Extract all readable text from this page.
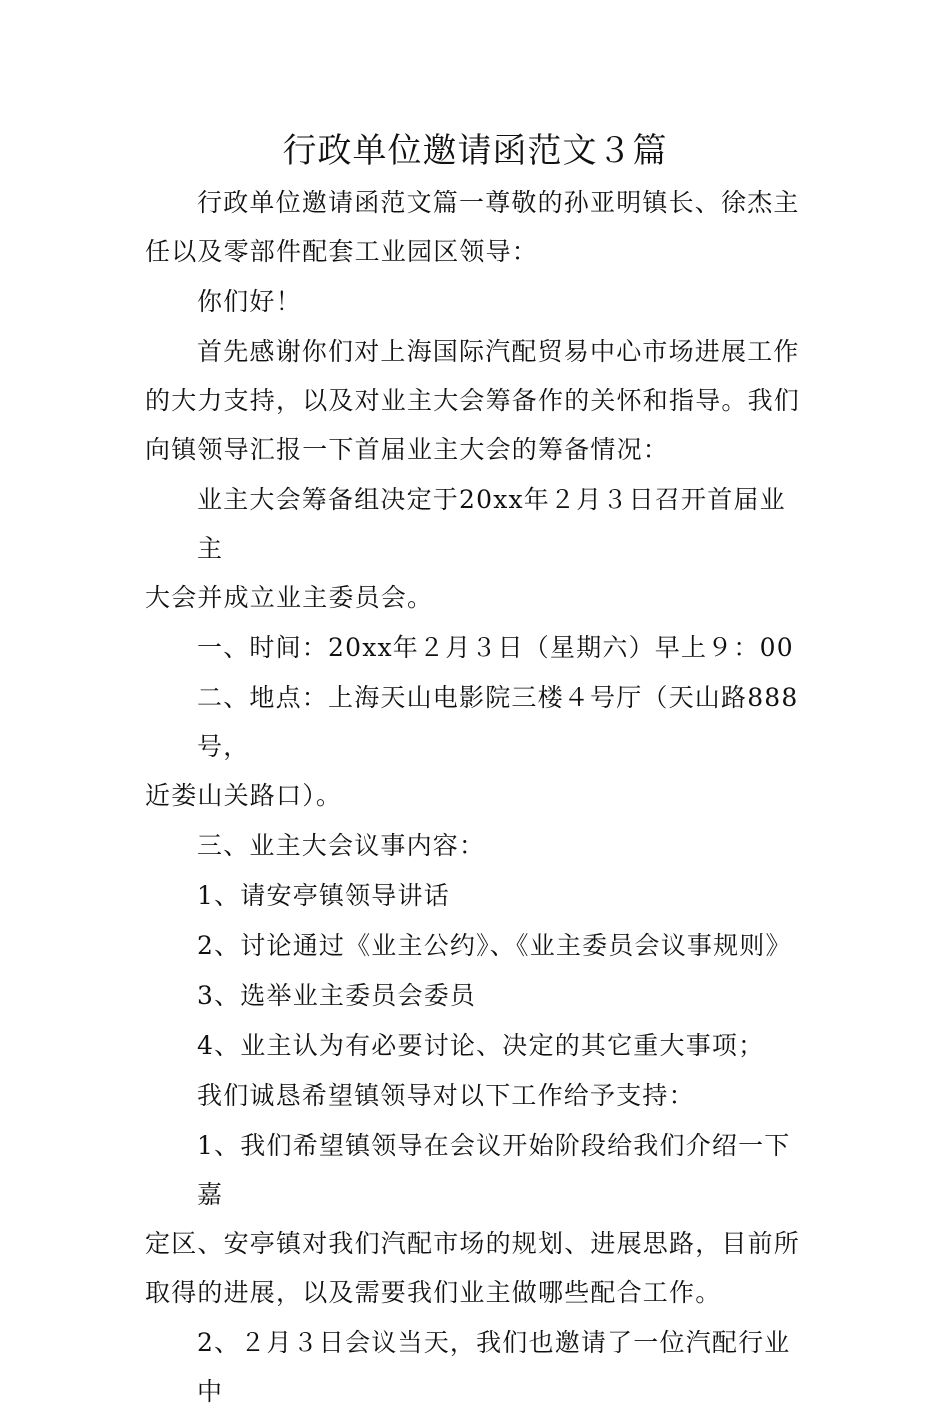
行政单位邀请函范文３篇
行政单位邀请函范文篇一尊敬的孙亚明镇长、徐杰主
任以及零部件配套工业园区领导：
你们好！
首先感谢你们对上海国际汽配贸易中心市场进展工作
的大力支持，以及对业主大会筹备作的关怀和指导。我们
向镇领导汇报一下首届业主大会的筹备情况：
业主大会筹备组决定于20xx年２月３日召开首届业主
大会并成立业主委员会。
一、时间：20xx年２月３日（星期六）早上９：00
二、地点：上海天山电影院三楼４号厅（天山路888号，
近娄山关路口）。
三、业主大会议事内容：
1、请安亭镇领导讲话
2、讨论通过《业主公约》、《业主委员会议事规则》
3、选举业主委员会委员
4、业主认为有必要讨论、决定的其它重大事项；
我们诚恳希望镇领导对以下工作给予支持：
1、我们希望镇领导在会议开始阶段给我们介绍一下嘉
定区、安亭镇对我们汽配市场的规划、进展思路，目前所
取得的进展，以及需要我们业主做哪些配合工作。
2、２月３日会议当天，我们也邀请了一位汽配行业中
